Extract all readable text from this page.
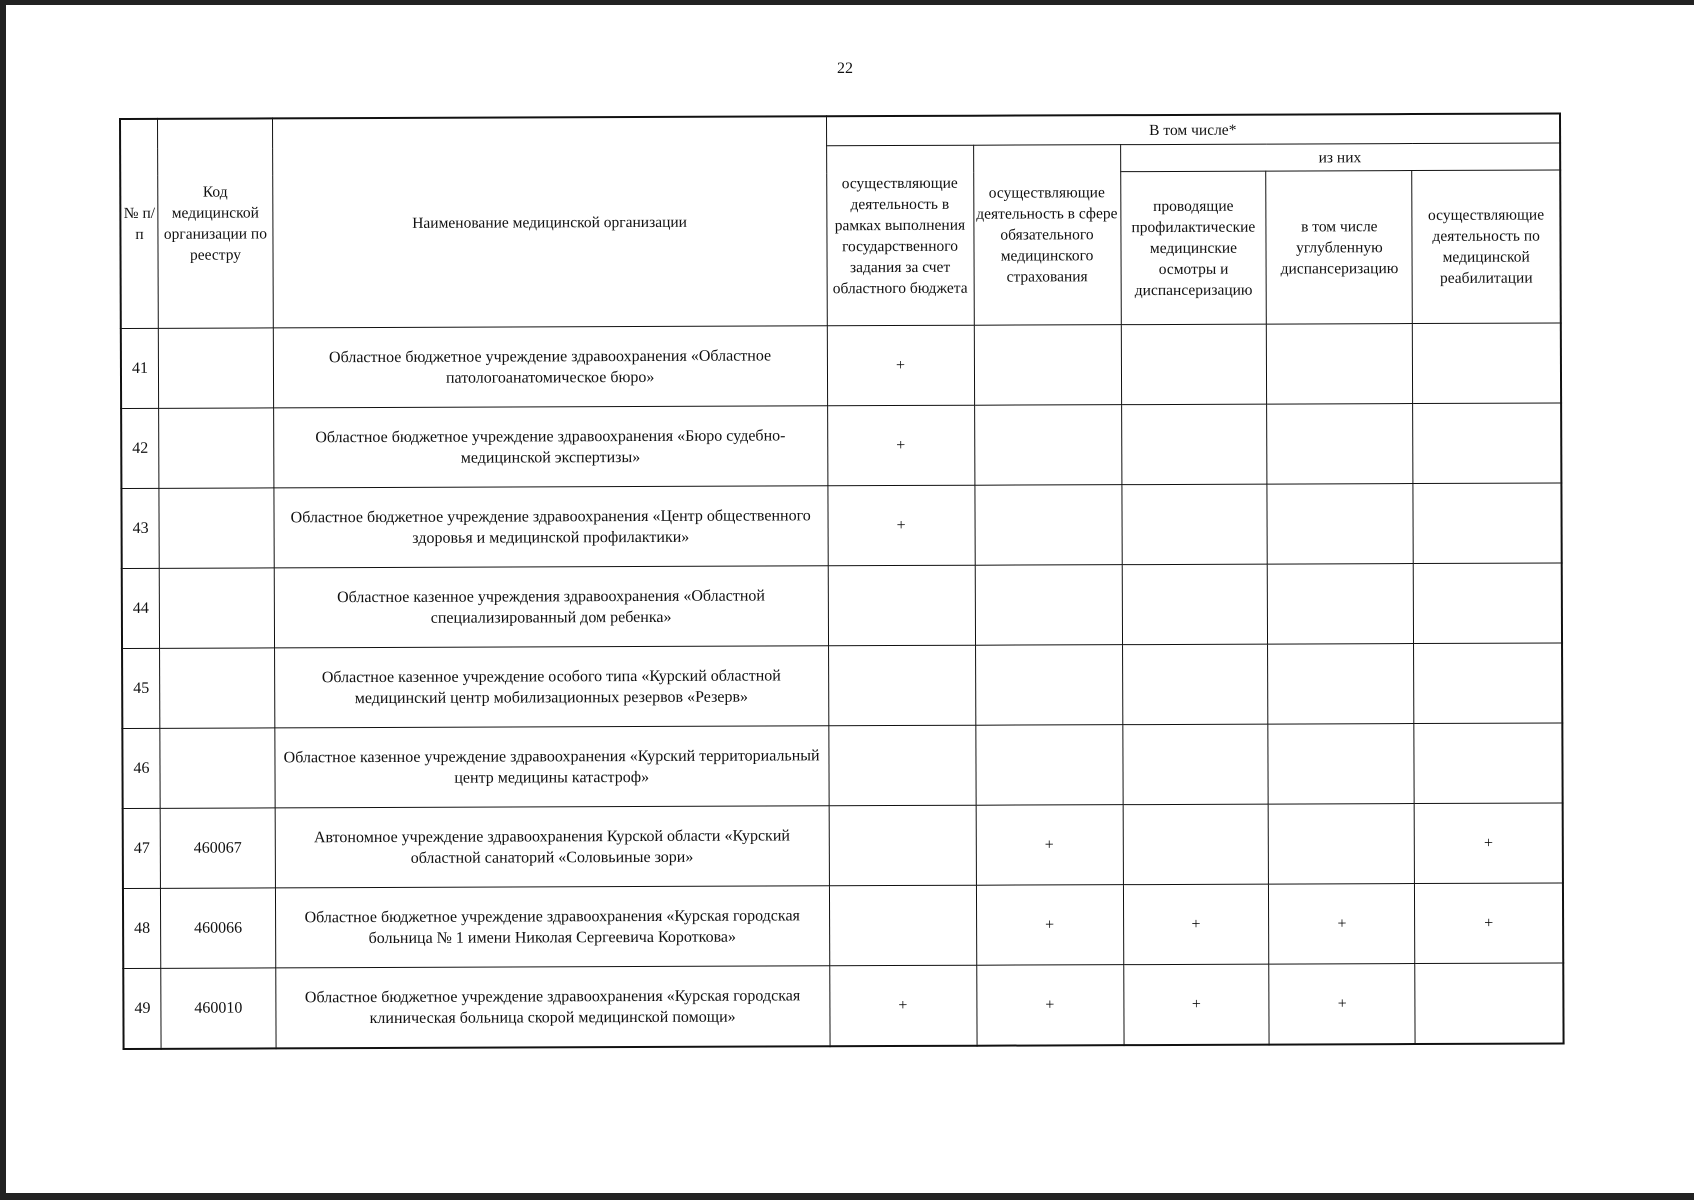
22
№ п/п	Код медицинской организации по реестру	Наименование медицинской организации	В том числе*				
			осуществляющие деятельность в рамках выполнения государственного задания за счет областного бюджета	осуществляющие деятельность в сфере обязательного медицинского страхования	из них		
					проводящие профилактические медицинские осмотры и диспансеризацию	в том числе углубленную диспансеризацию	осуществляющие деятельность по медицинской реабилитации
41		Областное бюджетное учреждение здравоохранения «Областное патологоанатомическое бюро»	+				
42		Областное бюджетное учреждение здравоохранения «Бюро судебно-медицинской экспертизы»	+				
43		Областное бюджетное учреждение здравоохранения «Центр общественного здоровья и медицинской профилактики»	+				
44		Областное казенное учреждения здравоохранения «Областной специализированный дом ребенка»					
45		Областное казенное учреждение особого типа «Курский областной медицинский центр мобилизационных резервов «Резерв»					
46		Областное казенное учреждение здравоохранения «Курский территориальный центр медицины катастроф»					
47	460067	Автономное учреждение здравоохранения Курской области «Курский областной санаторий «Соловьиные зори»		+			+
48	460066	Областное бюджетное учреждение здравоохранения «Курская городская больница № 1 имени Николая Сергеевича Короткова»		+	+	+	+
49	460010	Областное бюджетное учреждение здравоохранения «Курская городская клиническая больница скорой медицинской помощи»	+	+	+	+	
